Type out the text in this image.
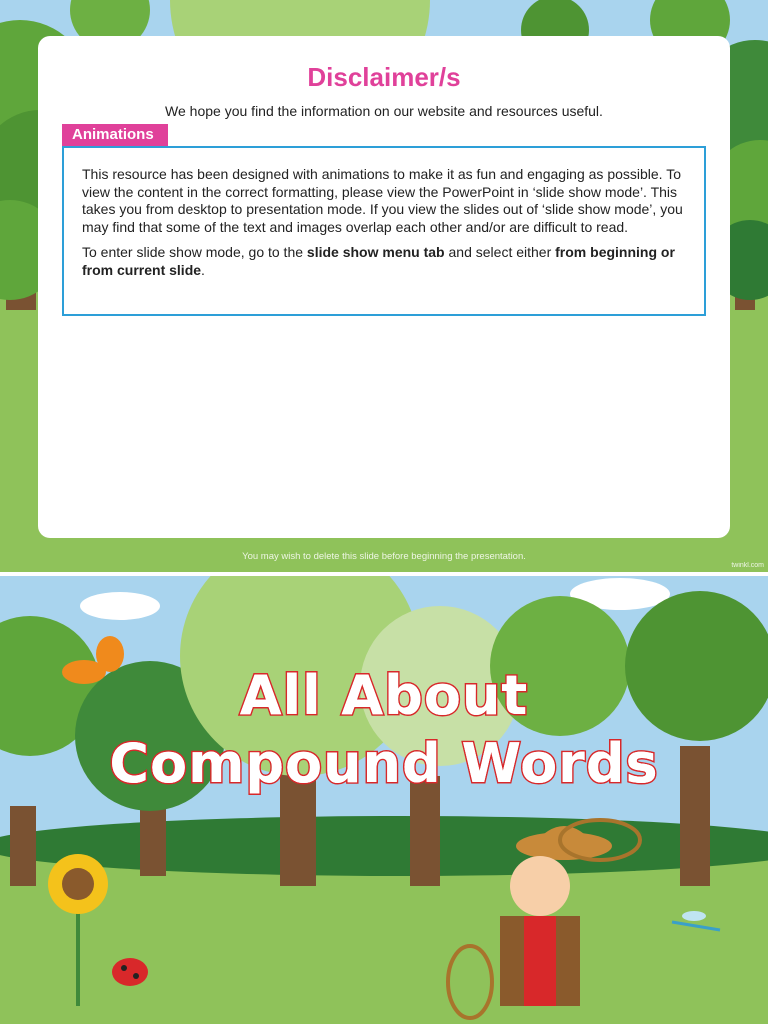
Disclaimer/s
We hope you find the information on our website and resources useful.
Animations

This resource has been designed with animations to make it as fun and engaging as possible. To view the content in the correct formatting, please view the PowerPoint in ‘slide show mode’. This takes you from desktop to presentation mode. If you view the slides out of ‘slide show mode’, you may find that some of the text and images overlap each other and/or are difficult to read.

To enter slide show mode, go to the slide show menu tab and select either from beginning or from current slide.

You may wish to delete this slide before beginning the presentation.
twinkl.com
All About
Compound Words
